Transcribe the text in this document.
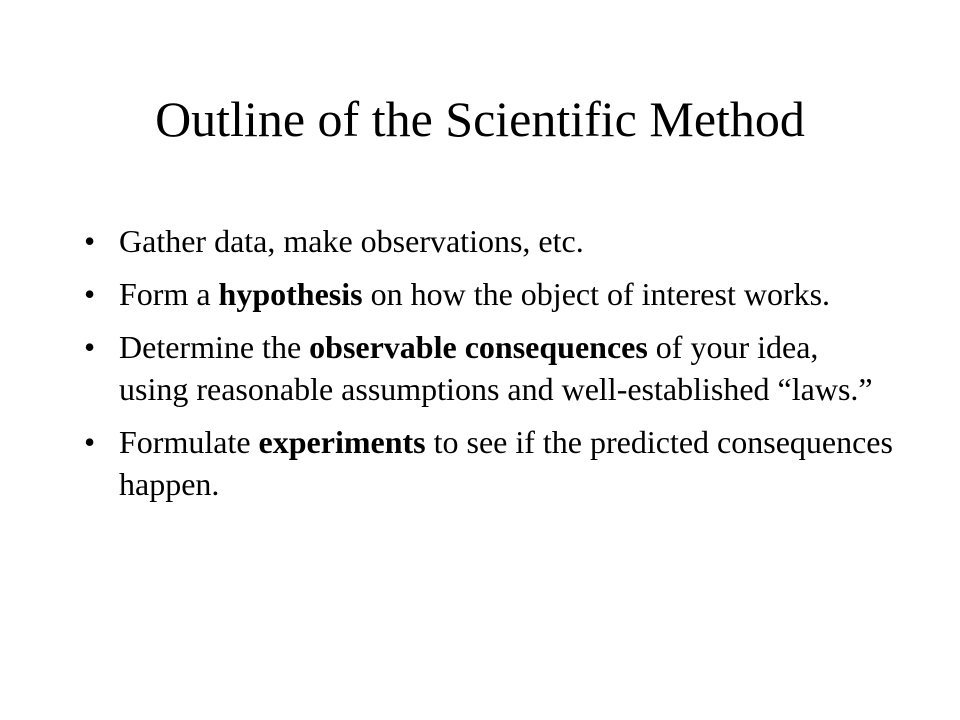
Outline of the Scientific Method
• Gather data, make observations, etc.
• Form a hypothesis on how the object of interest works.
• Determine the observable consequences of your idea, using reasonable assumptions and well-established “laws.”
• Formulate experiments to see if the predicted consequences happen.
